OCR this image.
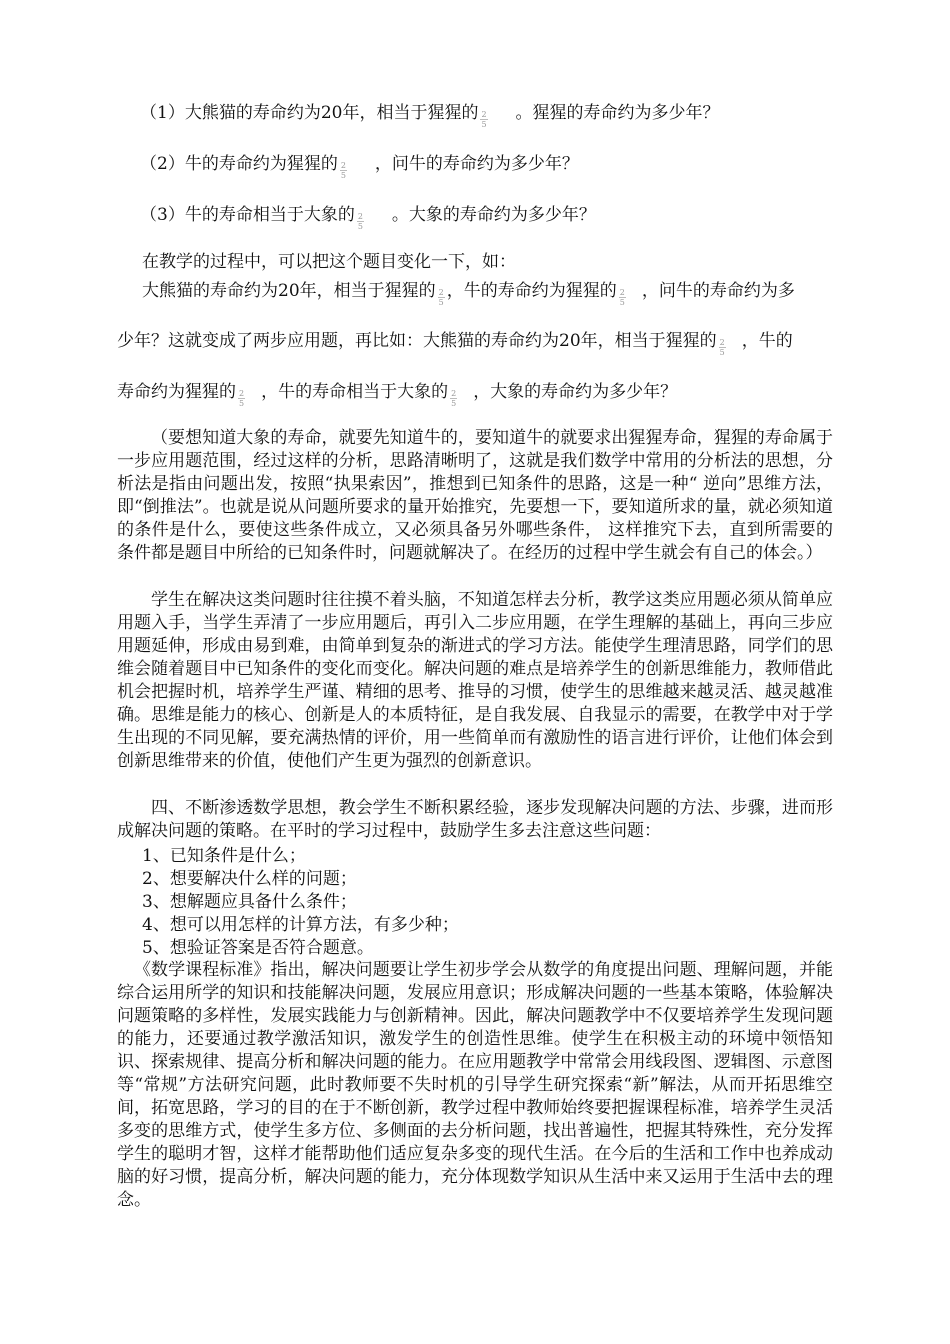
（1）大熊猫的寿命约为20年，相当于猩猩的 $\frac{2}{5}$ 。猩猩的寿命约为多少年？
（2）牛的寿命约为猩猩的 $\frac{2}{5}$ ，问牛的寿命约为多少年？
（3）牛的寿命相当于大象的 $\frac{2}{5}$ 。大象的寿命约为多少年？
在教学的过程中，可以把这个题目变化一下，如：
大熊猫的寿命约为20年，相当于猩猩的 $\frac{2}{5}$ ，牛的寿命约为猩猩的 $\frac{2}{5}$ ，问牛的寿命约为多
少年？这就变成了两步应用题，再比如：大熊猫的寿命约为20年，相当于猩猩的 $\frac{2}{5}$ ，牛的
寿命约为猩猩的 $\frac{2}{5}$ ，牛的寿命相当于大象的 $\frac{2}{5}$ ，大象的寿命约为多少年？
（要想知道大象的寿命，就要先知道牛的，要知道牛的就要求出猩猩寿命，猩猩的寿命属于一步应用题范围，经过这样的分析，思路清晰明了，这就是我们数学中常用的分析法的思想，分析法是指由问题出发，按照“执果索因”，推想到已知条件的思路，这是一种“ 逆向”思维方法，即“倒推法”。也就是说从问题所要求的量开始推究，先要想一下，要知道所求的量，就必须知道的条件是什么，要使这些条件成立，又必须具备另外哪些条件， 这样推究下去，直到所需要的条件都是题目中所给的已知条件时，问题就解决了。在经历的过程中学生就会有自己的体会。）
学生在解决这类问题时往往摸不着头脑，不知道怎样去分析，教学这类应用题必须从简单应用题入手，当学生弄清了一步应用题后，再引入二步应用题，在学生理解的基础上，再向三步应用题延伸，形成由易到难，由简单到复杂的渐进式的学习方法。能使学生理清思路，同学们的思维会随着题目中已知条件的变化而变化。解决问题的难点是培养学生的创新思维能力，教师借此机会把握时机，培养学生严谨、精细的思考、推导的习惯，使学生的思维越来越灵活、越灵越准确。思维是能力的核心、创新是人的本质特征，是自我发展、自我显示的需要，在教学中对于学生出现的不同见解，要充满热情的评价，用一些简单而有激励性的语言进行评价，让他们体会到创新思维带来的价值，使他们产生更为强烈的创新意识。
四、不断渗透数学思想，教会学生不断积累经验，逐步发现解决问题的方法、步骤，进而形成解决问题的策略。在平时的学习过程中，鼓励学生多去注意这些问题：
1、已知条件是什么；
2、想要解决什么样的问题；
3、想解题应具备什么条件；
4、想可以用怎样的计算方法，有多少种；
5、想验证答案是否符合题意。
《数学课程标准》指出，解决问题要让学生初步学会从数学的角度提出问题、理解问题，并能综合运用所学的知识和技能解决问题，发展应用意识；形成解决问题的一些基本策略，体验解决问题策略的多样性，发展实践能力与创新精神。因此，解决问题教学中不仅要培养学生发现问题的能力，还要通过教学激活知识，激发学生的创造性思维。使学生在积极主动的环境中领悟知识、探索规律、提高分析和解决问题的能力。在应用题教学中常常会用线段图、逻辑图、示意图等“常规”方法研究问题，此时教师要不失时机的引导学生研究探索“新”解法，从而开拓思维空间，拓宽思路，学习的目的在于不断创新，教学过程中教师始终要把握课程标准，培养学生灵活多变的思维方式，使学生多方位、多侧面的去分析问题，找出普遍性，把握其特殊性，充分发挥学生的聪明才智，这样才能帮助他们适应复杂多变的现代生活。在今后的生活和工作中也养成动脑的好习惯，提高分析，解决问题的能力，充分体现数学知识从生活中来又运用于生活中去的理念。
